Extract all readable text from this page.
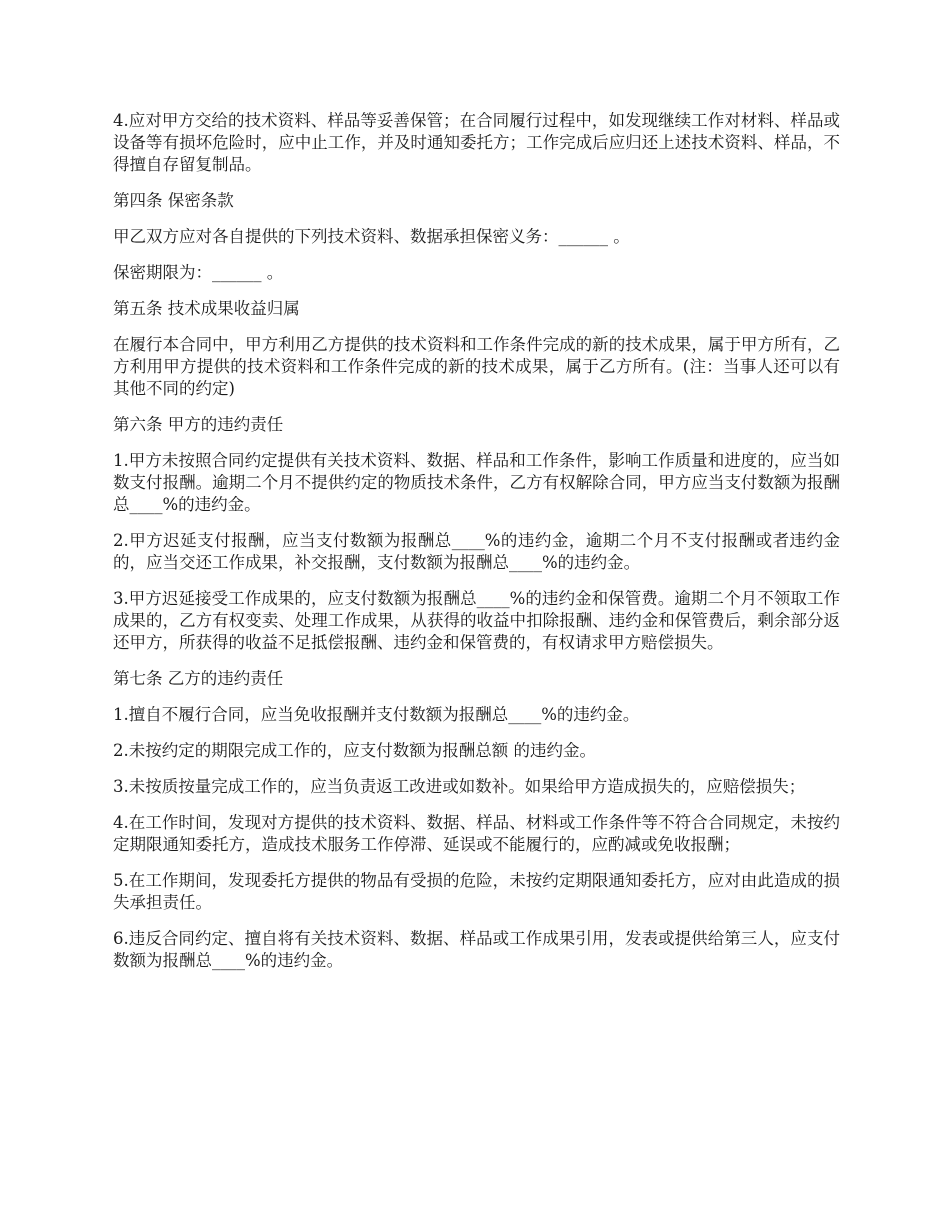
4.应对甲方交给的技术资料、样品等妥善保管；在合同履行过程中，如发现继续工作对材料、样品或设备等有损坏危险时，应中止工作，并及时通知委托方；工作完成后应归还上述技术资料、样品，不得擅自存留复制品。

第四条 保密条款

甲乙双方应对各自提供的下列技术资料、数据承担保密义务：______ 。

保密期限为：______ 。

第五条 技术成果收益归属

在履行本合同中，甲方利用乙方提供的技术资料和工作条件完成的新的技术成果，属于甲方所有，乙方利用甲方提供的技术资料和工作条件完成的新的技术成果，属于乙方所有。(注：当事人还可以有其他不同的约定)

第六条 甲方的违约责任

1.甲方未按照合同约定提供有关技术资料、数据、样品和工作条件，影响工作质量和进度的，应当如数支付报酬。逾期二个月不提供约定的物质技术条件，乙方有权解除合同，甲方应当支付数额为报酬总____%的违约金。

2.甲方迟延支付报酬，应当支付数额为报酬总____%的违约金，逾期二个月不支付报酬或者违约金的，应当交还工作成果，补交报酬，支付数额为报酬总____%的违约金。

3.甲方迟延接受工作成果的，应支付数额为报酬总____%的违约金和保管费。逾期二个月不领取工作成果的，乙方有权变卖、处理工作成果，从获得的收益中扣除报酬、违约金和保管费后，剩余部分返还甲方，所获得的收益不足抵偿报酬、违约金和保管费的，有权请求甲方赔偿损失。

第七条 乙方的违约责任

1.擅自不履行合同，应当免收报酬并支付数额为报酬总____%的违约金。

2.未按约定的期限完成工作的，应支付数额为报酬总额 的违约金。

3.未按质按量完成工作的，应当负责返工改进或如数补。如果给甲方造成损失的，应赔偿损失；

4.在工作时间，发现对方提供的技术资料、数据、样品、材料或工作条件等不符合合同规定，未按约定期限通知委托方，造成技术服务工作停滞、延误或不能履行的，应酌减或免收报酬；

5.在工作期间，发现委托方提供的物品有受损的危险，未按约定期限通知委托方，应对由此造成的损失承担责任。

6.违反合同约定、擅自将有关技术资料、数据、样品或工作成果引用，发表或提供给第三人，应支付数额为报酬总____%的违约金。
